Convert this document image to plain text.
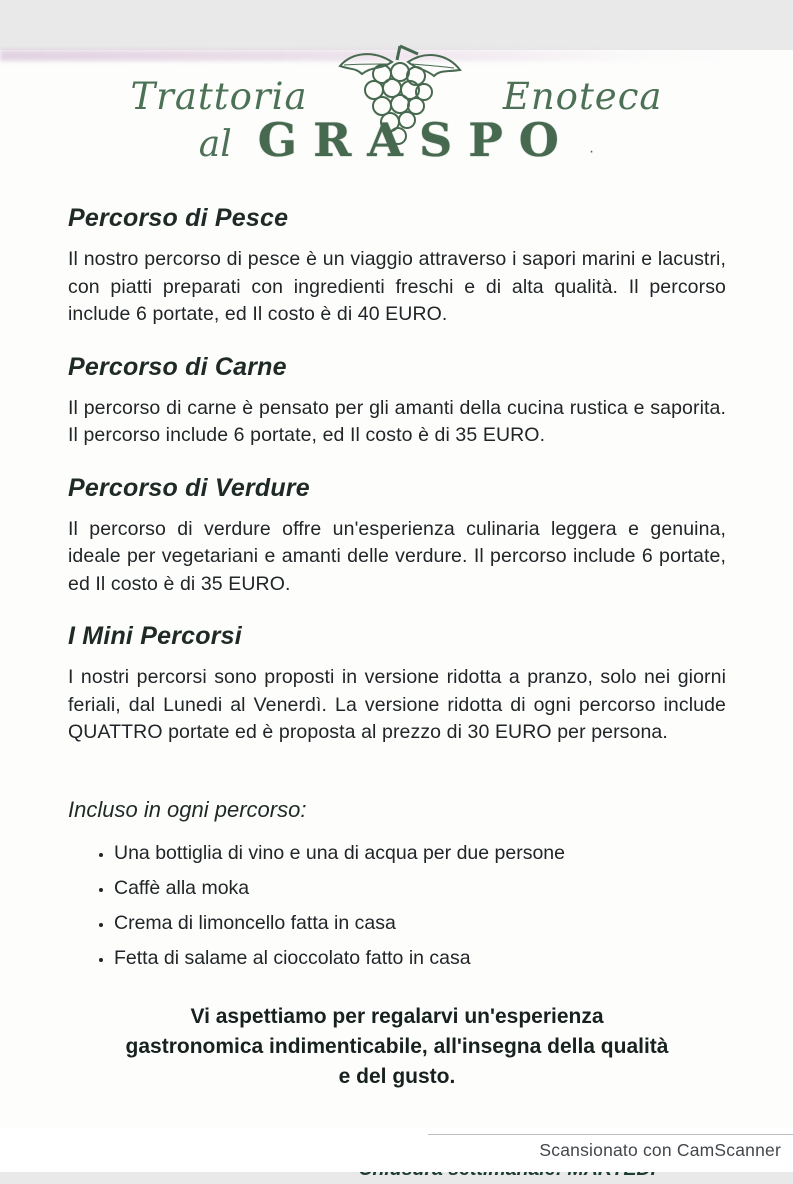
Trattoria	Enoteca
al GRASPO ·
Percorso di Pesce

Il nostro percorso di pesce è un viaggio attraverso i sapori marini e lacustri, con piatti preparati con ingredienti freschi e di alta qualità. Il percorso include 6 portate, ed Il costo è di 40 EURO.

Percorso di Carne

Il percorso di carne è pensato per gli amanti della cucina rustica e saporita. Il percorso include 6 portate, ed Il costo è di 35 EURO.

Percorso di Verdure

Il percorso di verdure offre un'esperienza culinaria leggera e genuina, ideale per vegetariani e amanti delle verdure. Il percorso include 6 portate, ed Il costo è di 35 EURO.

I Mini Percorsi

I nostri percorsi sono proposti in versione ridotta a pranzo, solo nei giorni feriali, dal Lunedi al Venerdì. La versione ridotta di ogni percorso include QUATTRO portate ed è proposta al prezzo di 30 EURO per persona.

Incluso in ogni percorso:
• Una bottiglia di vino e una di acqua per due persone
• Caffè alla moka
• Crema di limoncello fatta in casa
• Fetta di salame al cioccolato fatto in casa

Vi aspettiamo per regalarvi un'esperienza gastronomica indimenticabile, all'insegna della qualità e del gusto.

Scansionato con CamScanner
